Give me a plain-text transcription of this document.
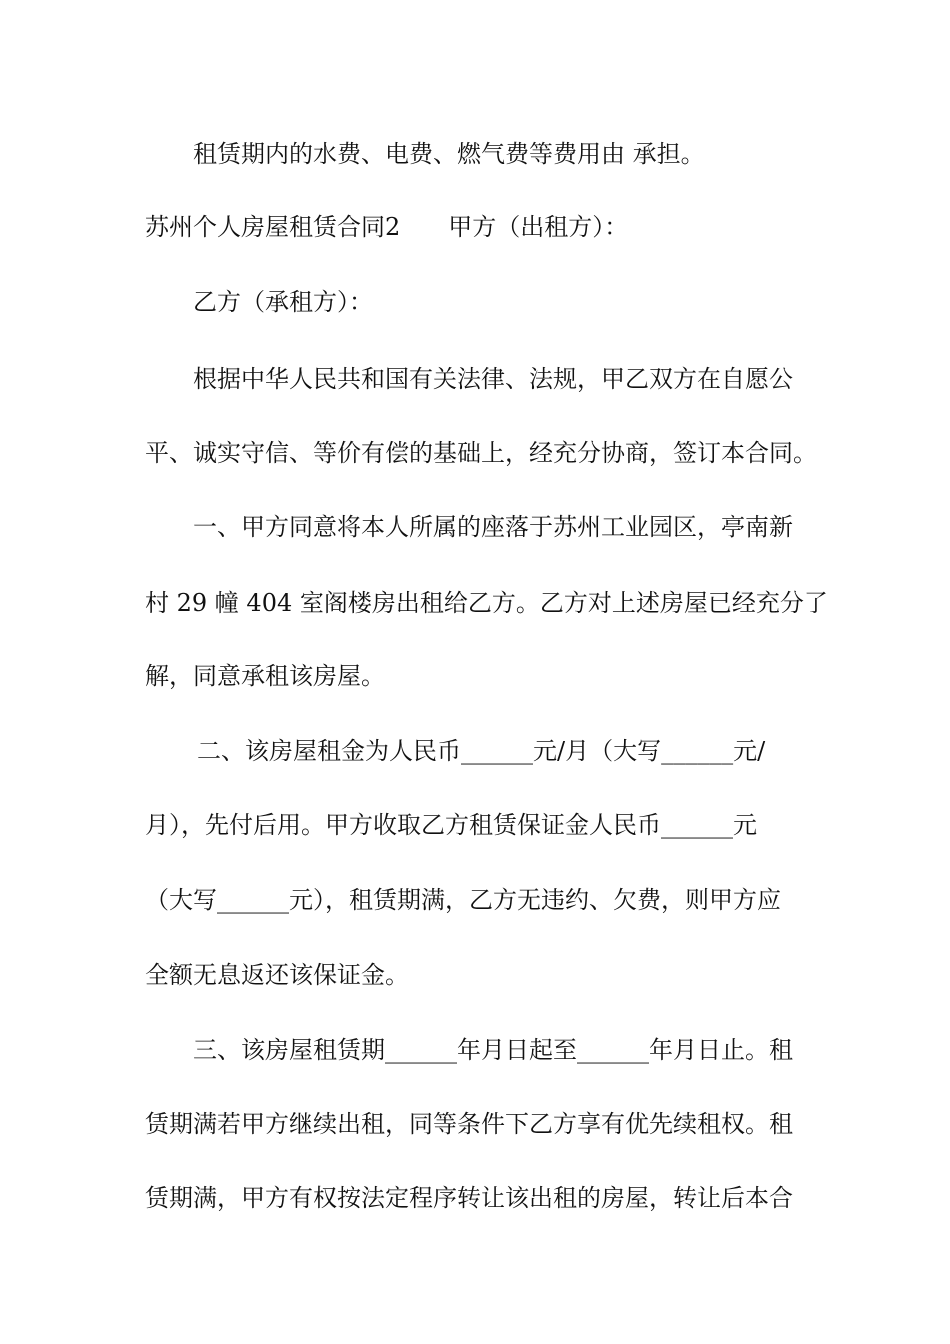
租赁期内的水费、电费、燃气费等费用由 承担。
苏州个人房屋租赁合同2　　甲方（出租方）：
乙方（承租方）：
根据中华人民共和国有关法律、法规，甲乙双方在自愿公
平、诚实守信、等价有偿的基础上，经充分协商，签订本合同。
一、甲方同意将本人所属的座落于苏州工业园区，亭南新
村 29 幢 404 室阁楼房出租给乙方。乙方对上述房屋已经充分了
解，同意承租该房屋。
二、该房屋租金为人民币______元/月（大写______元/
月），先付后用。甲方收取乙方租赁保证金人民币______元
（大写______元），租赁期满，乙方无违约、欠费，则甲方应
全额无息返还该保证金。
三、该房屋租赁期______年月日起至______年月日止。租
赁期满若甲方继续出租，同等条件下乙方享有优先续租权。租
赁期满，甲方有权按法定程序转让该出租的房屋，转让后本合
